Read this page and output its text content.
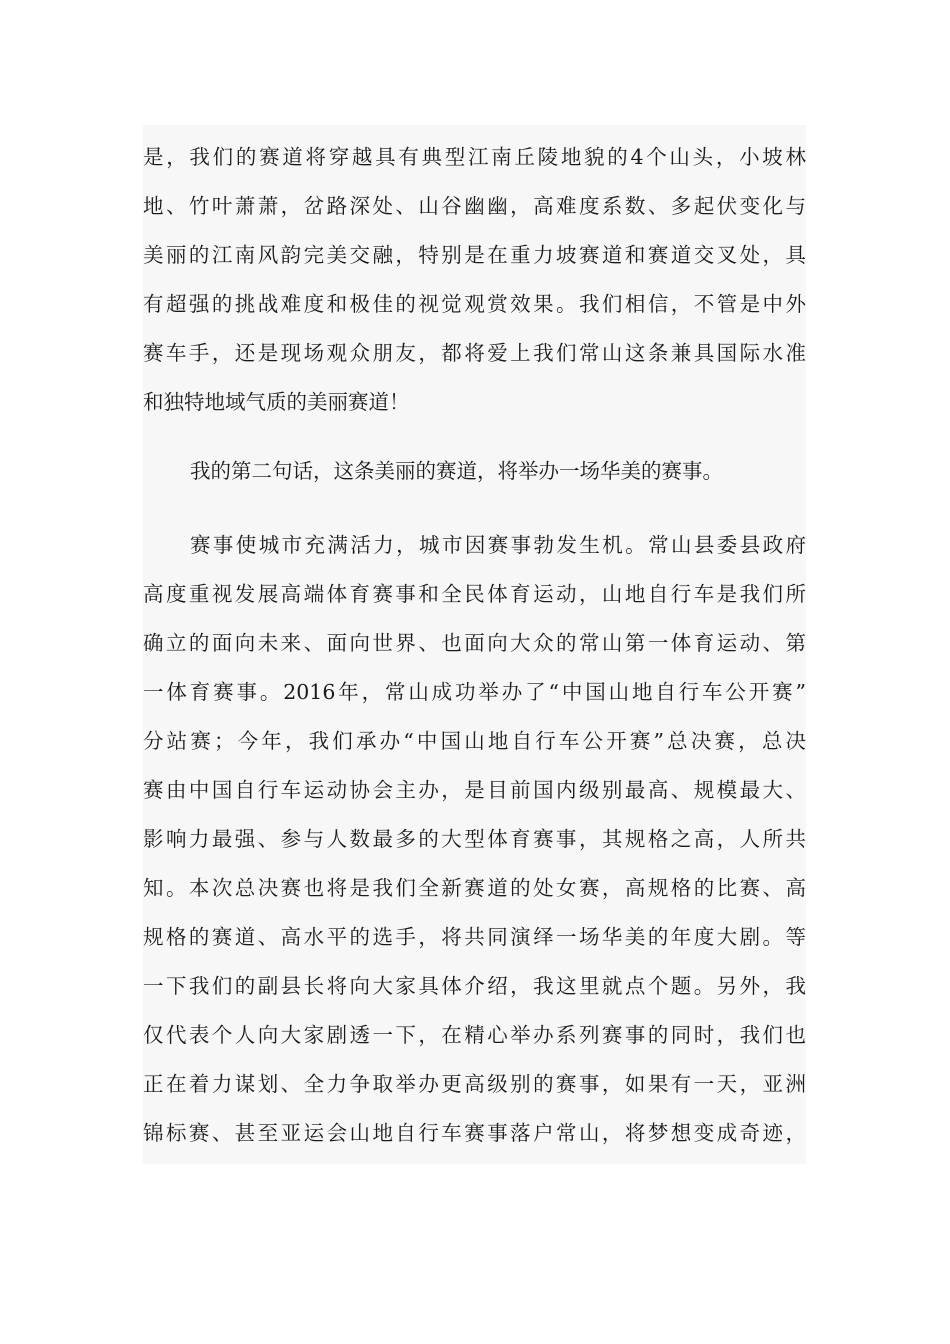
是，我们的赛道将穿越具有典型江南丘陵地貌的4个山头，小坡林
地、竹叶萧萧，岔路深处、山谷幽幽，高难度系数、多起伏变化与
美丽的江南风韵完美交融，特别是在重力坡赛道和赛道交叉处，具
有超强的挑战难度和极佳的视觉观赏效果。我们相信，不管是中外
赛车手，还是现场观众朋友，都将爱上我们常山这条兼具国际水准
和独特地域气质的美丽赛道！
我的第二句话，这条美丽的赛道，将举办一场华美的赛事。
赛事使城市充满活力，城市因赛事勃发生机。常山县委县政府
高度重视发展高端体育赛事和全民体育运动，山地自行车是我们所
确立的面向未来、面向世界、也面向大众的常山第一体育运动、第
一体育赛事。2016年，常山成功举办了“中国山地自行车公开赛”
分站赛；今年，我们承办“中国山地自行车公开赛”总决赛，总决
赛由中国自行车运动协会主办，是目前国内级别最高、规模最大、
影响力最强、参与人数最多的大型体育赛事，其规格之高，人所共
知。本次总决赛也将是我们全新赛道的处女赛，高规格的比赛、高
规格的赛道、高水平的选手，将共同演绎一场华美的年度大剧。等
一下我们的副县长将向大家具体介绍，我这里就点个题。另外，我
仅代表个人向大家剧透一下，在精心举办系列赛事的同时，我们也
正在着力谋划、全力争取举办更高级别的赛事，如果有一天，亚洲
锦标赛、甚至亚运会山地自行车赛事落户常山，将梦想变成奇迹，
